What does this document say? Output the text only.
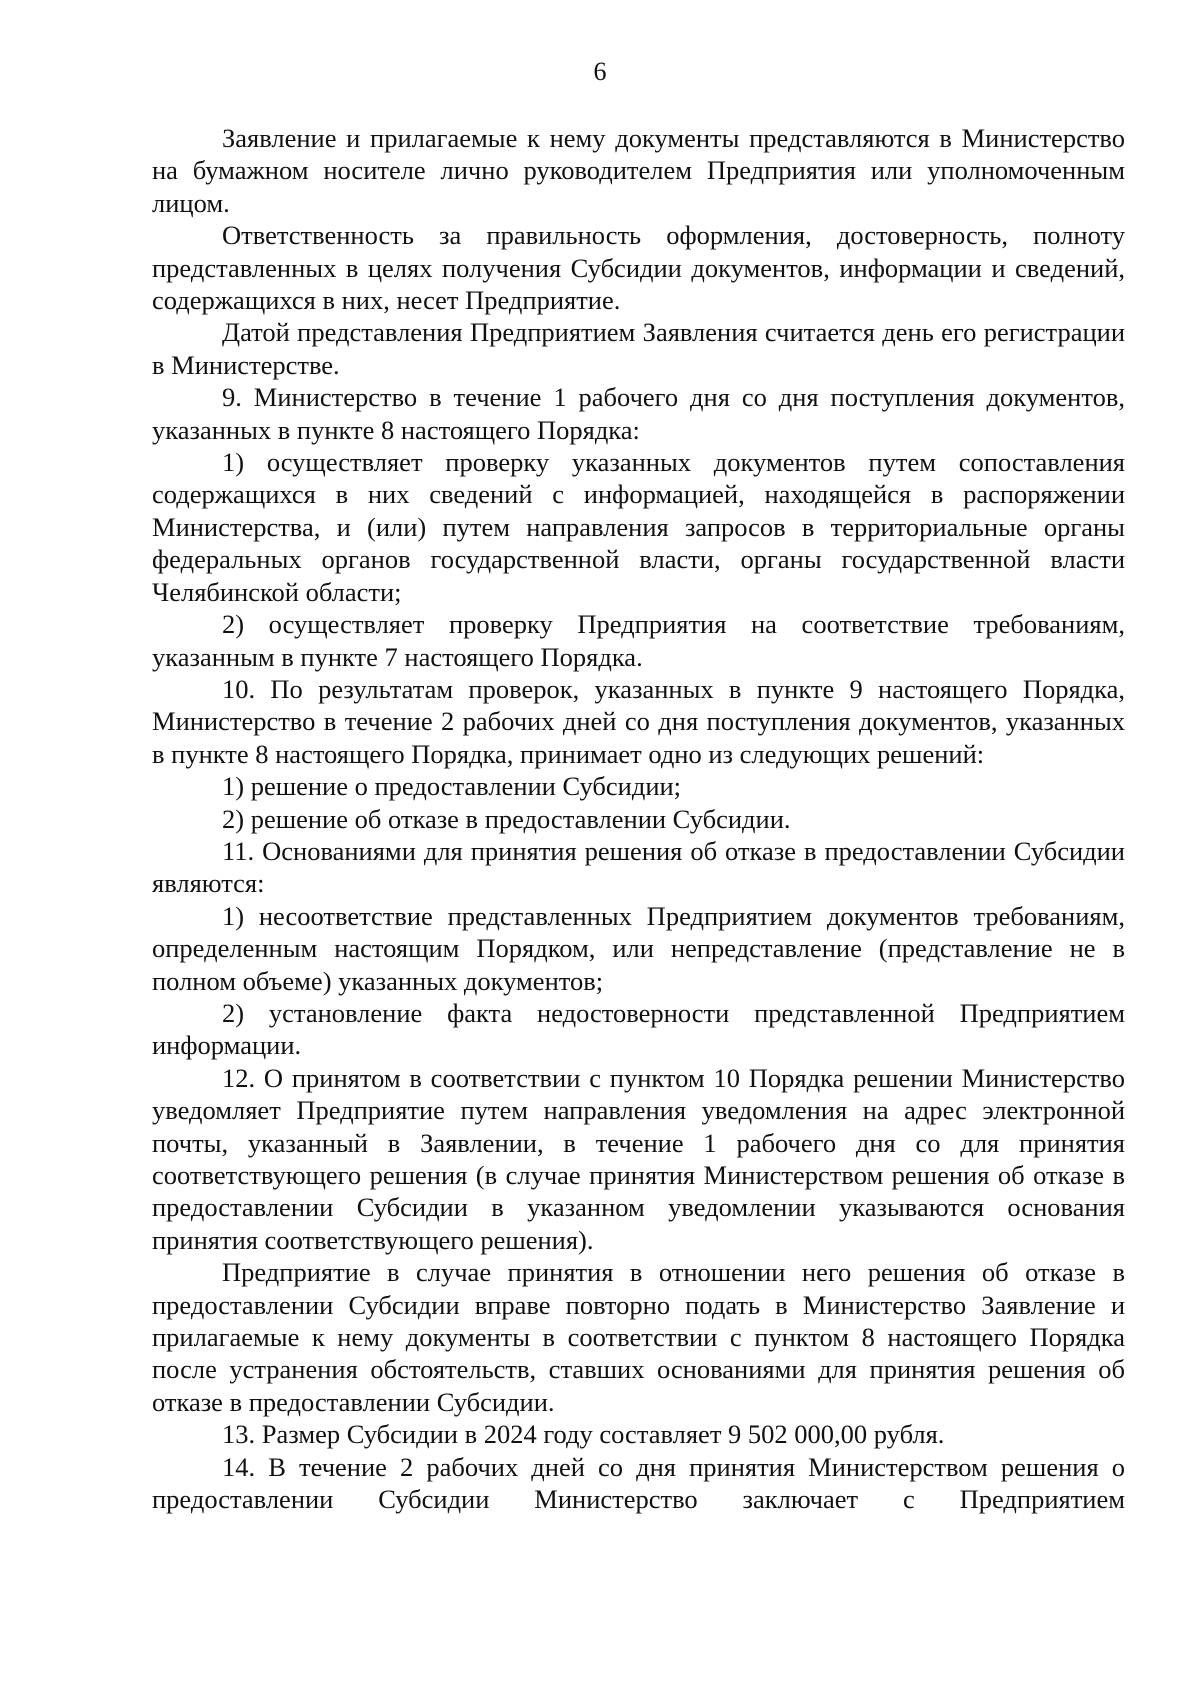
6

Заявление и прилагаемые к нему документы представляются в Министерство на бумажном носителе лично руководителем Предприятия или уполномоченным лицом.

Ответственность за правильность оформления, достоверность, полноту представленных в целях получения Субсидии документов, информации и сведений, содержащихся в них, несет Предприятие.

Датой представления Предприятием Заявления считается день его регистрации в Министерстве.

9. Министерство в течение 1 рабочего дня со дня поступления документов, указанных в пункте 8 настоящего Порядка:

1) осуществляет проверку указанных документов путем сопоставления содержащихся в них сведений с информацией, находящейся в распоряжении Министерства, и (или) путем направления запросов в территориальные органы федеральных органов государственной власти, органы государственной власти Челябинской области;

2) осуществляет проверку Предприятия на соответствие требованиям, указанным в пункте 7 настоящего Порядка.

10. По результатам проверок, указанных в пункте 9 настоящего Порядка, Министерство в течение 2 рабочих дней со дня поступления документов, указанных в пункте 8 настоящего Порядка, принимает одно из следующих решений:

1) решение о предоставлении Субсидии;

2) решение об отказе в предоставлении Субсидии.

11. Основаниями для принятия решения об отказе в предоставлении Субсидии являются:

1) несоответствие представленных Предприятием документов требованиям, определенным настоящим Порядком, или непредставление (представление не в полном объеме) указанных документов;

2) установление факта недостоверности представленной Предприятием информации.

12. О принятом в соответствии с пунктом 10 Порядка решении Министерство уведомляет Предприятие путем направления уведомления на адрес электронной почты, указанный в Заявлении, в течение 1 рабочего дня со для принятия соответствующего решения (в случае принятия Министерством решения об отказе в предоставлении Субсидии в указанном уведомлении указываются основания принятия соответствующего решения).

Предприятие в случае принятия в отношении него решения об отказе в предоставлении Субсидии вправе повторно подать в Министерство Заявление и прилагаемые к нему документы в соответствии с пунктом 8 настоящего Порядка после устранения обстоятельств, ставших основаниями для принятия решения об отказе в предоставлении Субсидии.

13. Размер Субсидии в 2024 году составляет 9 502 000,00 рубля.

14. В течение 2 рабочих дней со дня принятия Министерством решения о предоставлении Субсидии Министерство заключает с Предприятием
